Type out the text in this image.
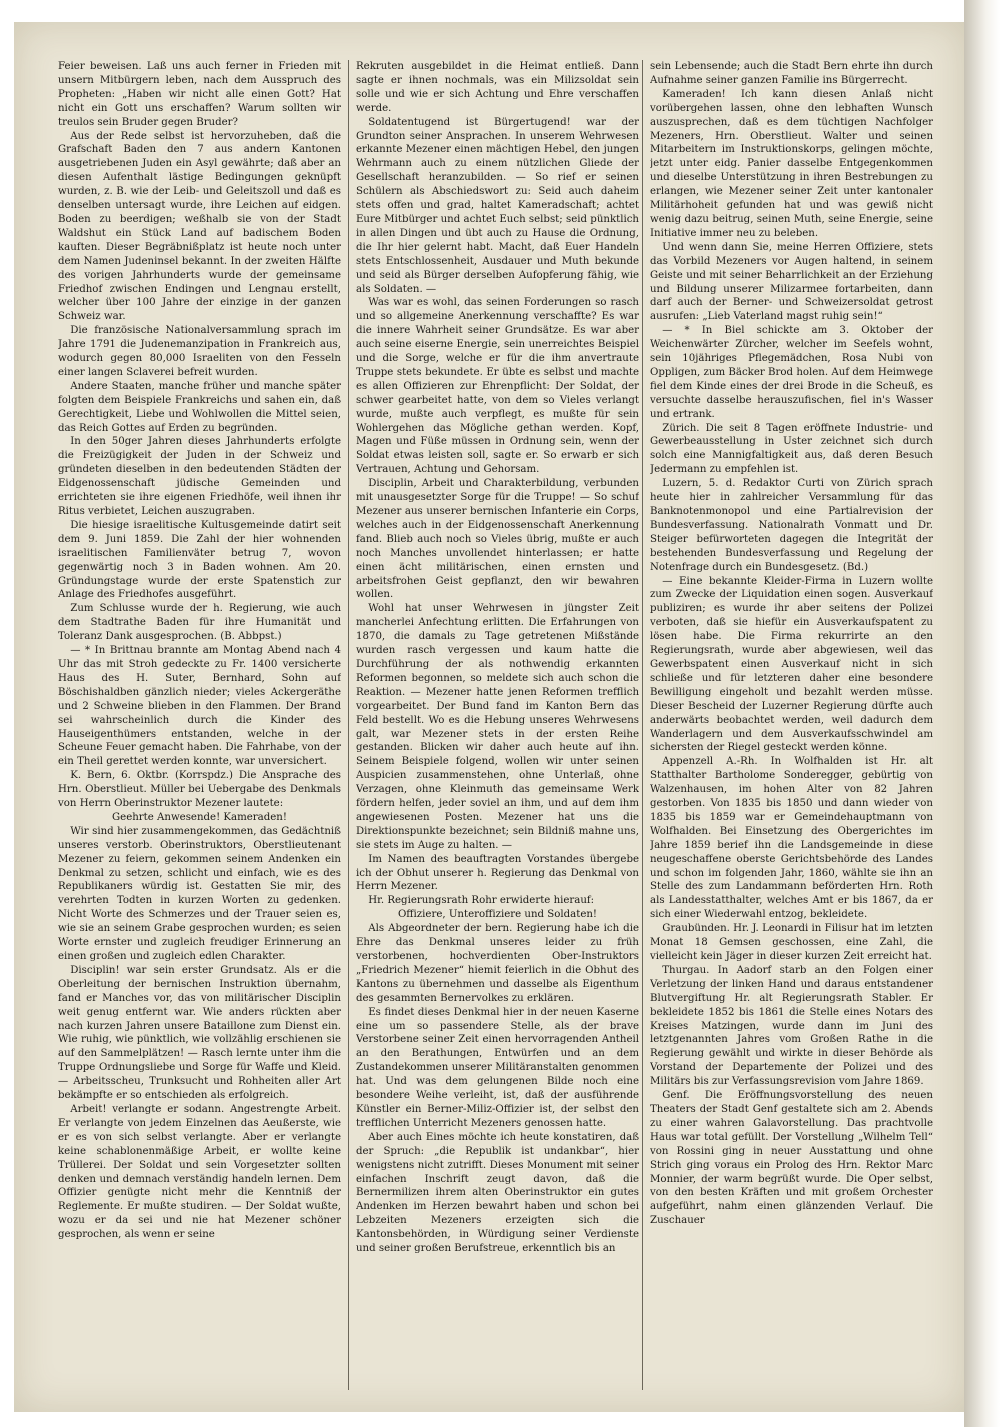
Feier beweisen. Laß uns auch ferner in Frieden mit unsern Mitbürgern leben, nach dem Ausspruch des Propheten: „Haben wir nicht alle einen Gott? Hat nicht ein Gott uns erschaffen? Warum sollten wir treulos sein Bruder gegen Bruder?

Aus der Rede selbst ist hervorzuheben, daß die Grafschaft Baden den 7 aus andern Kantonen ausgetriebenen Juden ein Asyl gewährte; daß aber an diesen Aufenthalt lästige Bedingungen geknüpft wurden, z. B. wie der Leib- und Geleitszoll und daß es denselben untersagt wurde, ihre Leichen auf eidgen. Boden zu beerdigen; weßhalb sie von der Stadt Waldshut ein Stück Land auf badischem Boden kauften. Dieser Begräbnißplatz ist heute noch unter dem Namen Judeninsel bekannt. In der zweiten Hälfte des vorigen Jahrhunderts wurde der gemeinsame Friedhof zwischen Endingen und Lengnau erstellt, welcher über 100 Jahre der einzige in der ganzen Schweiz war.

Die französische Nationalversammlung sprach im Jahre 1791 die Judenemanzipation in Frankreich aus, wodurch gegen 80,000 Israeliten von den Fesseln einer langen Sclaverei befreit wurden.

Andere Staaten, manche früher und manche später folgten dem Beispiele Frankreichs und sahen ein, daß Gerechtigkeit, Liebe und Wohlwollen die Mittel seien, das Reich Gottes auf Erden zu begründen.

In den 50ger Jahren dieses Jahrhunderts erfolgte die Freizügigkeit der Juden in der Schweiz und gründeten dieselben in den bedeutenden Städten der Eidgenossenschaft jüdische Gemeinden und errichteten sie ihre eigenen Friedhöfe, weil ihnen ihr Ritus verbietet, Leichen auszugraben.

Die hiesige israelitische Kultusgemeinde datirt seit dem 9. Juni 1859. Die Zahl der hier wohnenden israelitischen Familienväter betrug 7, wovon gegenwärtig noch 3 in Baden wohnen. Am 20. Gründungstage wurde der erste Spatenstich zur Anlage des Friedhofes ausgeführt.

Zum Schlusse wurde der h. Regierung, wie auch dem Stadtrathe Baden für ihre Humanität und Toleranz Dank ausgesprochen. (B. Abbpst.)

— * In Brittnau brannte am Montag Abend nach 4 Uhr das mit Stroh gedeckte zu Fr. 1400 versicherte Haus des H. Suter, Bernhard, Sohn auf Böschishaldben gänzlich nieder; vieles Ackergeräthe und 2 Schweine blieben in den Flammen. Der Brand sei wahrscheinlich durch die Kinder des Hauseigenthümers entstanden, welche in der Scheune Feuer gemacht haben. Die Fahrhabe, von der ein Theil gerettet werden konnte, war unversichert.

K. Bern, 6. Oktbr. (Korrspdz.) Die Ansprache des Hrn. Oberstlieut. Müller bei Uebergabe des Denkmals von Herrn Oberinstruktor Mezener lautete:

Geehrte Anwesende! Kameraden!

Wir sind hier zusammengekommen, das Gedächtniß unseres verstorb. Oberinstruktors, Oberstlieutenant Mezener zu feiern, gekommen seinem Andenken ein Denkmal zu setzen, schlicht und einfach, wie es des Republikaners würdig ist. Gestatten Sie mir, des verehrten Todten in kurzen Worten zu gedenken. Nicht Worte des Schmerzes und der Trauer seien es, wie sie an seinem Grabe gesprochen wurden; es seien Worte ernster und zugleich freudiger Erinnerung an einen großen und zugleich edlen Charakter.

Disciplin! war sein erster Grundsatz. Als er die Oberleitung der bernischen Instruktion übernahm, fand er Manches vor, das von militärischer Disciplin weit genug entfernt war. Wie anders rückten aber nach kurzen Jahren unsere Bataillone zum Dienst ein. Wie ruhig, wie pünktlich, wie vollzählig erschienen sie auf den Sammelplätzen! — Rasch lernte unter ihm die Truppe Ordnungsliebe und Sorge für Waffe und Kleid. — Arbeitsscheu, Trunksucht und Rohheiten aller Art bekämpfte er so entschieden als erfolgreich.

Arbeit! verlangte er sodann. Angestrengte Arbeit. Er verlangte von jedem Einzelnen das Aeußerste, wie er es von sich selbst verlangte. Aber er verlangte keine schablonenmäßige Arbeit, er wollte keine Trüllerei. Der Soldat und sein Vorgesetzter sollten denken und demnach verständig handeln lernen. Dem Offizier genügte nicht mehr die Kenntniß der Reglemente. Er mußte studiren. — Der Soldat wußte, wozu er da sei und nie hat Mezener schöner gesprochen, als wenn er seine

Rekruten ausgebildet in die Heimat entließ. Dann sagte er ihnen nochmals, was ein Milizsoldat sein solle und wie er sich Achtung und Ehre verschaffen werde.

Soldatentugend ist Bürgertugend! war der Grundton seiner Ansprachen. In unserem Wehrwesen erkannte Mezener einen mächtigen Hebel, den jungen Wehrmann auch zu einem nützlichen Gliede der Gesellschaft heranzubilden. — So rief er seinen Schülern als Abschiedswort zu: Seid auch daheim stets offen und grad, haltet Kameradschaft; achtet Eure Mitbürger und achtet Euch selbst; seid pünktlich in allen Dingen und übt auch zu Hause die Ordnung, die Ihr hier gelernt habt. Macht, daß Euer Handeln stets Entschlossenheit, Ausdauer und Muth bekunde und seid als Bürger derselben Aufopferung fähig, wie als Soldaten. —

Was war es wohl, das seinen Forderungen so rasch und so allgemeine Anerkennung verschaffte? Es war die innere Wahrheit seiner Grundsätze. Es war aber auch seine eiserne Energie, sein unerreichtes Beispiel und die Sorge, welche er für die ihm anvertraute Truppe stets bekundete. Er übte es selbst und machte es allen Offizieren zur Ehrenpflicht: Der Soldat, der schwer gearbeitet hatte, von dem so Vieles verlangt wurde, mußte auch verpflegt, es mußte für sein Wohlergehen das Mögliche gethan werden. Kopf, Magen und Füße müssen in Ordnung sein, wenn der Soldat etwas leisten soll, sagte er. So erwarb er sich Vertrauen, Achtung und Gehorsam.

Disciplin, Arbeit und Charakterbildung, verbunden mit unausgesetzter Sorge für die Truppe! — So schuf Mezener aus unserer bernischen Infanterie ein Corps, welches auch in der Eidgenossenschaft Anerkennung fand. Blieb auch noch so Vieles übrig, mußte er auch noch Manches unvollendet hinterlassen; er hatte einen ächt militärischen, einen ernsten und arbeitsfrohen Geist gepflanzt, den wir bewahren wollen.

Wohl hat unser Wehrwesen in jüngster Zeit mancherlei Anfechtung erlitten. Die Erfahrungen von 1870, die damals zu Tage getretenen Mißstände wurden rasch vergessen und kaum hatte die Durchführung der als nothwendig erkannten Reformen begonnen, so meldete sich auch schon die Reaktion. — Mezener hatte jenen Reformen trefflich vorgearbeitet. Der Bund fand im Kanton Bern das Feld bestellt. Wo es die Hebung unseres Wehrwesens galt, war Mezener stets in der ersten Reihe gestanden. Blicken wir daher auch heute auf ihn. Seinem Beispiele folgend, wollen wir unter seinen Auspicien zusammenstehen, ohne Unterlaß, ohne Verzagen, ohne Kleinmuth das gemeinsame Werk fördern helfen, jeder soviel an ihm, und auf dem ihm angewiesenen Posten. Mezener hat uns die Direktionspunkte bezeichnet; sein Bildniß mahne uns, sie stets im Auge zu halten. —

Im Namen des beauftragten Vorstandes übergebe ich der Obhut unserer h. Regierung das Denkmal von Herrn Mezener.

Hr. Regierungsrath Rohr erwiderte hierauf:

Offiziere, Unteroffiziere und Soldaten!

Als Abgeordneter der bern. Regierung habe ich die Ehre das Denkmal unseres leider zu früh verstorbenen, hochverdienten Ober-Instruktors „Friedrich Mezener“ hiemit feierlich in die Obhut des Kantons zu übernehmen und dasselbe als Eigenthum des gesammten Bernervolkes zu erklären.

Es findet dieses Denkmal hier in der neuen Kaserne eine um so passendere Stelle, als der brave Verstorbene seiner Zeit einen hervorragenden Antheil an den Berathungen, Entwürfen und an dem Zustandekommen unserer Militäranstalten genommen hat. Und was dem gelungenen Bilde noch eine besondere Weihe verleiht, ist, daß der ausführende Künstler ein Berner-Miliz-Offizier ist, der selbst den trefflichen Unterricht Mezeners genossen hatte.

Aber auch Eines möchte ich heute konstatiren, daß der Spruch: „die Republik ist undankbar“, hier wenigstens nicht zutrifft. Dieses Monument mit seiner einfachen Inschrift zeugt davon, daß die Bernermilizen ihrem alten Oberinstruktor ein gutes Andenken im Herzen bewahrt haben und schon bei Lebzeiten Mezeners erzeigten sich die Kantonsbehörden, in Würdigung seiner Verdienste und seiner großen Berufstreue, erkenntlich bis an

sein Lebensende; auch die Stadt Bern ehrte ihn durch Aufnahme seiner ganzen Familie ins Bürgerrecht.

Kameraden! Ich kann diesen Anlaß nicht vorübergehen lassen, ohne den lebhaften Wunsch auszusprechen, daß es dem tüchtigen Nachfolger Mezeners, Hrn. Oberstlieut. Walter und seinen Mitarbeitern im Instruktionskorps, gelingen möchte, jetzt unter eidg. Panier dasselbe Entgegenkommen und dieselbe Unterstützung in ihren Bestrebungen zu erlangen, wie Mezener seiner Zeit unter kantonaler Militärhoheit gefunden hat und was gewiß nicht wenig dazu beitrug, seinen Muth, seine Energie, seine Initiative immer neu zu beleben.

Und wenn dann Sie, meine Herren Offiziere, stets das Vorbild Mezeners vor Augen haltend, in seinem Geiste und mit seiner Beharrlichkeit an der Erziehung und Bildung unserer Milizarmee fortarbeiten, dann darf auch der Berner- und Schweizersoldat getrost ausrufen: „Lieb Vaterland magst ruhig sein!“

— * In Biel schickte am 3. Oktober der Weichenwärter Zürcher, welcher im Seefels wohnt, sein 10jähriges Pflegemädchen, Rosa Nubi von Oppligen, zum Bäcker Brod holen. Auf dem Heimwege fiel dem Kinde eines der drei Brode in die Scheuß, es versuchte dasselbe herauszufischen, fiel in's Wasser und ertrank.

Zürich. Die seit 8 Tagen eröffnete Industrie- und Gewerbeausstellung in Uster zeichnet sich durch solch eine Mannigfaltigkeit aus, daß deren Besuch Jedermann zu empfehlen ist.

Luzern, 5. d. Redaktor Curti von Zürich sprach heute hier in zahlreicher Versammlung für das Banknotenmonopol und eine Partialrevision der Bundesverfassung. Nationalrath Vonmatt und Dr. Steiger befürworteten dagegen die Integrität der bestehenden Bundesverfassung und Regelung der Notenfrage durch ein Bundesgesetz. (Bd.)

— Eine bekannte Kleider-Firma in Luzern wollte zum Zwecke der Liquidation einen sogen. Ausverkauf publiziren; es wurde ihr aber seitens der Polizei verboten, daß sie hiefür ein Ausverkaufspatent zu lösen habe. Die Firma rekurrirte an den Regierungsrath, wurde aber abgewiesen, weil das Gewerbspatent einen Ausverkauf nicht in sich schließe und für letzteren daher eine besondere Bewilligung eingeholt und bezahlt werden müsse. Dieser Bescheid der Luzerner Regierung dürfte auch anderwärts beobachtet werden, weil dadurch dem Wanderlagern und dem Ausverkaufsschwindel am sichersten der Riegel gesteckt werden könne.

Appenzell A.-Rh. In Wolfhalden ist Hr. alt Statthalter Bartholome Sonderegger, gebürtig von Walzenhausen, im hohen Alter von 82 Jahren gestorben. Von 1835 bis 1850 und dann wieder von 1835 bis 1859 war er Gemeindehauptmann von Wolfhalden. Bei Einsetzung des Obergerichtes im Jahre 1859 berief ihn die Landsgemeinde in diese neugeschaffene oberste Gerichtsbehörde des Landes und schon im folgenden Jahr, 1860, wählte sie ihn an Stelle des zum Landammann beförderten Hrn. Roth als Landesstatthalter, welches Amt er bis 1867, da er sich einer Wiederwahl entzog, bekleidete.

Graubünden. Hr. J. Leonardi in Filisur hat im letzten Monat 18 Gemsen geschossen, eine Zahl, die vielleicht kein Jäger in dieser kurzen Zeit erreicht hat.

Thurgau. In Aadorf starb an den Folgen einer Verletzung der linken Hand und daraus entstandener Blutvergiftung Hr. alt Regierungsrath Stabler. Er bekleidete 1852 bis 1861 die Stelle eines Notars des Kreises Matzingen, wurde dann im Juni des letztgenannten Jahres vom Großen Rathe in die Regierung gewählt und wirkte in dieser Behörde als Vorstand der Departemente der Polizei und des Militärs bis zur Verfassungsrevision vom Jahre 1869.

Genf. Die Eröffnungsvorstellung des neuen Theaters der Stadt Genf gestaltete sich am 2. Abends zu einer wahren Galavorstellung. Das prachtvolle Haus war total gefüllt. Der Vorstellung „Wilhelm Tell“ von Rossini ging in neuer Ausstattung und ohne Strich ging voraus ein Prolog des Hrn. Rektor Marc Monnier, der warm begrüßt wurde. Die Oper selbst, von den besten Kräften und mit großem Orchester aufgeführt, nahm einen glänzenden Verlauf. Die Zuschauer
